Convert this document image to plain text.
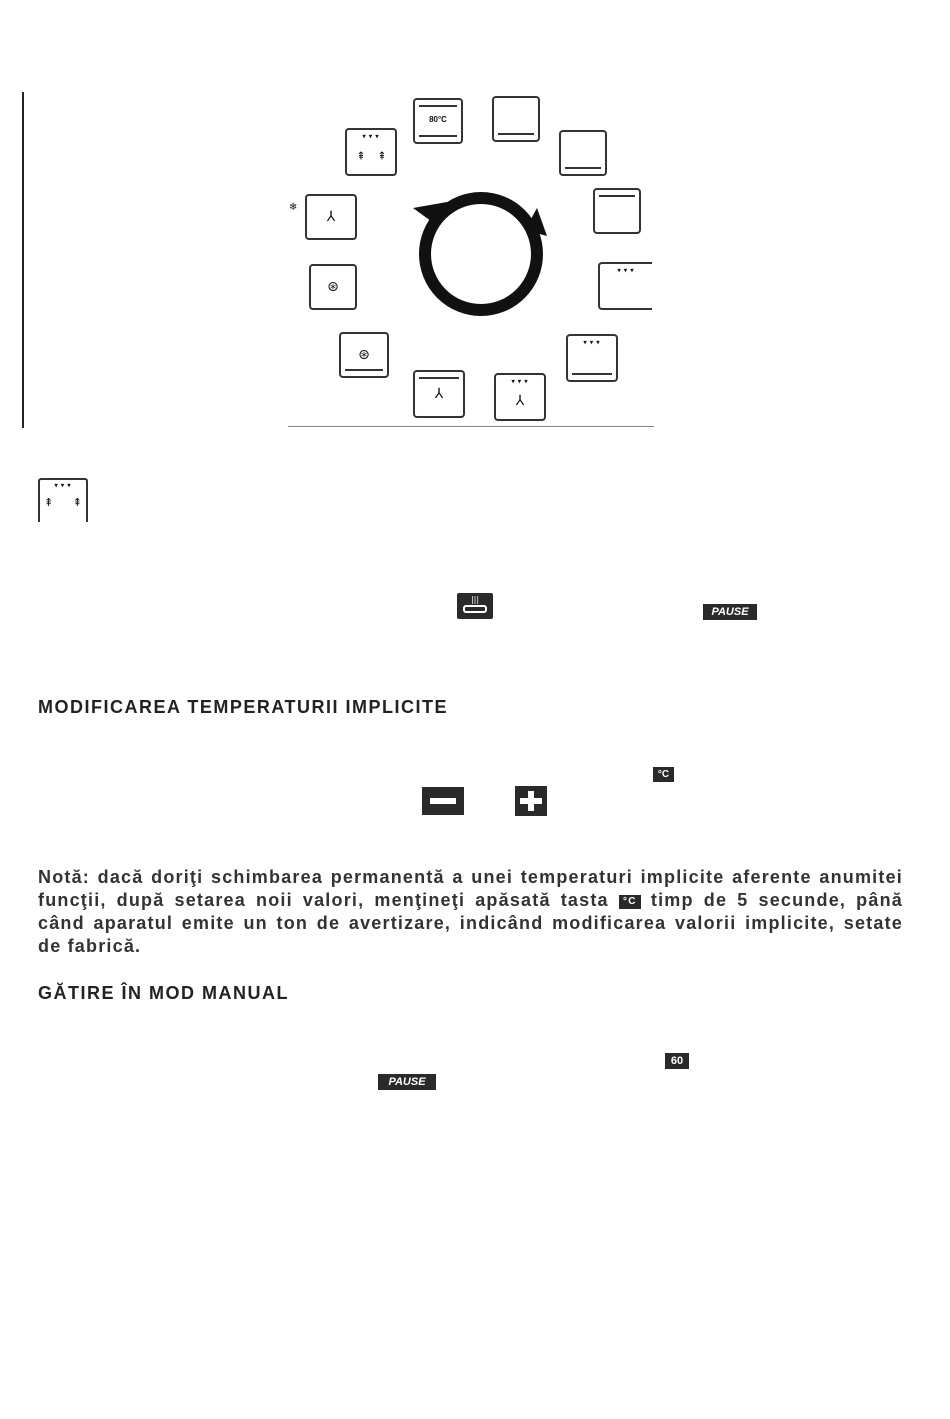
80°C
▾▾▾
▾▾▾
▾▾▾
⅄
⅄
⊛
⊛
❄
⅄
▾▾▾
⇞	⇞
▾▾▾
⇞ ⇞
|||
PAUSE
MODIFICAREA TEMPERATURII IMPLICITE
°C
Notă: dacă doriţi schimbarea permanentă a unei temperaturi implicite aferente anumitei funcţii, după setarea noii valori, menţineţi apăsată tasta °C timp de 5 secunde, până când aparatul emite un ton de avertizare, indicând modificarea valorii implicite, setate de fabrică.
GĂTIRE ÎN MOD MANUAL
60
PAUSE
